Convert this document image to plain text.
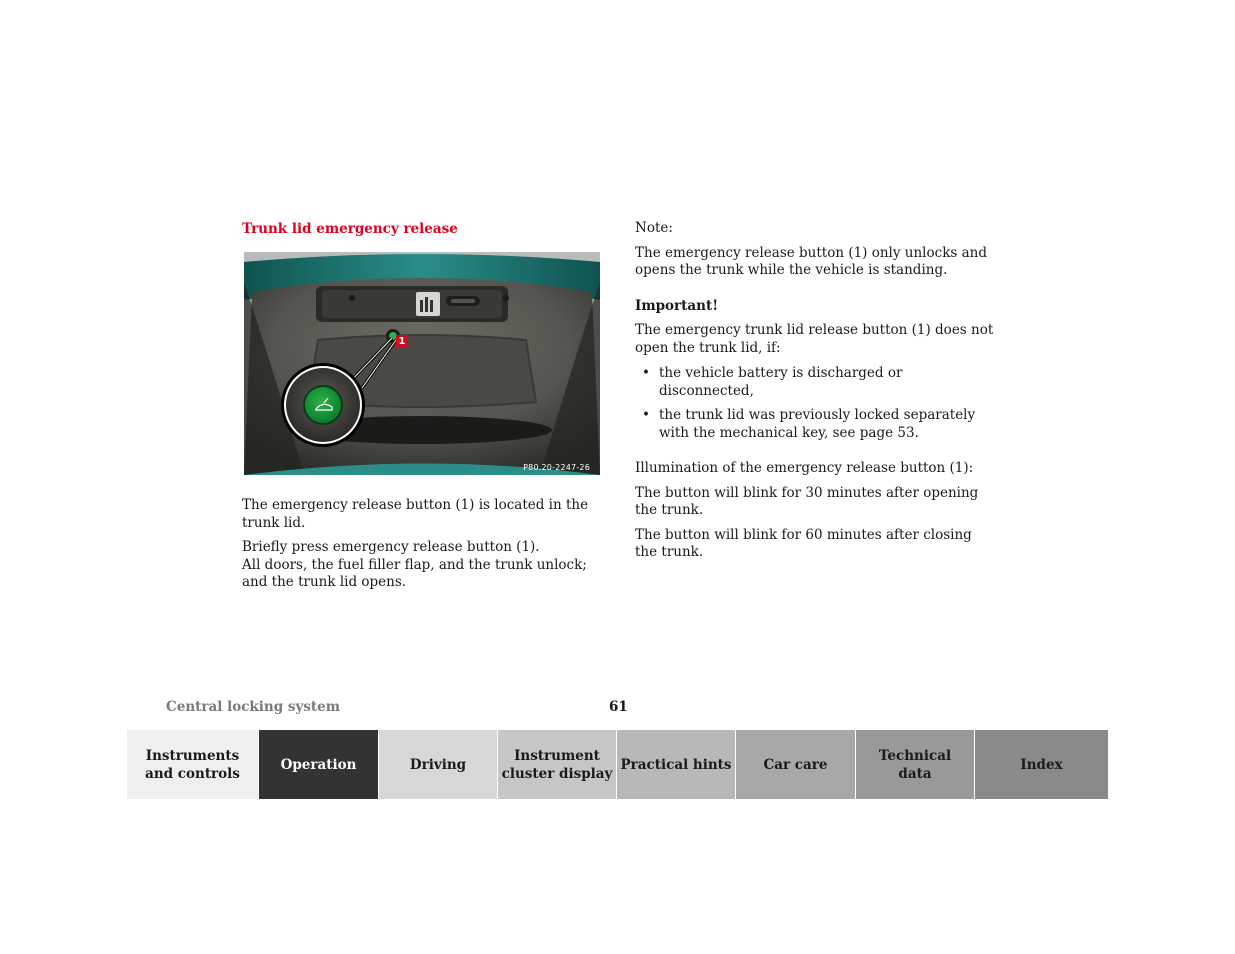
Trunk lid emergency release
1
P80.20-2247-26

The emergency release button (1) is located in the trunk lid.

Briefly press emergency release button (1).

All doors, the fuel filler flap, and the trunk unlock; and the trunk lid opens.

Note:

The emergency release button (1) only unlocks and opens the trunk while the vehicle is standing.

Important!

The emergency trunk lid release button (1) does not open the trunk lid, if:

• the vehicle battery is discharged or disconnected,
• the trunk lid was previously locked separately with the mechanical key, see page 53.

Illumination of the emergency release button (1):

The button will blink for 30 minutes after opening the trunk.

The button will blink for 60 minutes after closing the trunk.

Central locking system	61
Instruments
and controls
Operation	Driving
Instrument
cluster display
Practical hints Car care
Technical
data
Index
